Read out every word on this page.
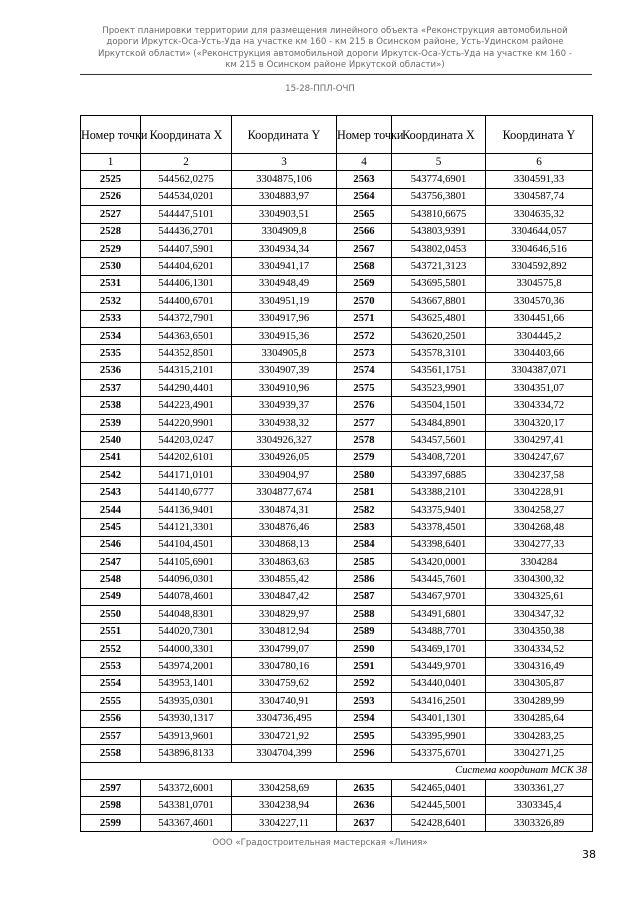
Проект планировки территории для размещения линейного объекта «Реконструкция автомобильной
дороги Иркутск-Оса-Усть-Уда на участке км 160 - км 215 в Осинском районе, Усть-Удинском районе
Иркутской области» («Реконструкция автомобильной дороги Иркутск-Оса-Усть-Уда на участке км 160 -
км 215 в Осинском районе Иркутской области»)
15-28-ППЛ-ОЧП
Номер точки	Координата X	Координата Y	Номер точки	Координата X	Координата Y
1	2	3	4	5	6
2525	544562,0275	3304875,106	2563	543774,6901	3304591,33
2526	544534,0201	3304883,97	2564	543756,3801	3304587,74
2527	544447,5101	3304903,51	2565	543810,6675	3304635,32
2528	544436,2701	3304909,8	2566	543803,9391	3304644,057
2529	544407,5901	3304934,34	2567	543802,0453	3304646,516
2530	544404,6201	3304941,17	2568	543721,3123	3304592,892
2531	544406,1301	3304948,49	2569	543695,5801	3304575,8
2532	544400,6701	3304951,19	2570	543667,8801	3304570,36
2533	544372,7901	3304917,96	2571	543625,4801	3304451,66
2534	544363,6501	3304915,36	2572	543620,2501	3304445,2
2535	544352,8501	3304905,8	2573	543578,3101	3304403,66
2536	544315,2101	3304907,39	2574	543561,1751	3304387,071
2537	544290,4401	3304910,96	2575	543523,9901	3304351,07
2538	544223,4901	3304939,37	2576	543504,1501	3304334,72
2539	544220,9901	3304938,32	2577	543484,8901	3304320,17
2540	544203,0247	3304926,327	2578	543457,5601	3304297,41
2541	544202,6101	3304926,05	2579	543408,7201	3304247,67
2542	544171,0101	3304904,97	2580	543397,6885	3304237,58
2543	544140,6777	3304877,674	2581	543388,2101	3304228,91
2544	544136,9401	3304874,31	2582	543375,9401	3304258,27
2545	544121,3301	3304876,46	2583	543378,4501	3304268,48
2546	544104,4501	3304868,13	2584	543398,6401	3304277,33
2547	544105,6901	3304863,63	2585	543420,0001	3304284
2548	544096,0301	3304855,42	2586	543445,7601	3304300,32
2549	544078,4601	3304847,42	2587	543467,9701	3304325,61
2550	544048,8301	3304829,97	2588	543491,6801	3304347,32
2551	544020,7301	3304812,94	2589	543488,7701	3304350,38
2552	544000,3301	3304799,07	2590	543469,1701	3304334,52
2553	543974,2001	3304780,16	2591	543449,9701	3304316,49
2554	543953,1401	3304759,62	2592	543440,0401	3304305,87
2555	543935,0301	3304740,91	2593	543416,2501	3304289,99
2556	543930,1317	3304736,495	2594	543401,1301	3304285,64
2557	543913,9601	3304721,92	2595	543395,9901	3304283,25
2558	543896,8133	3304704,399	2596	543375,6701	3304271,25
Система координат МСК 38					
2597	543372,6001	3304258,69	2635	542465,0401	3303361,27
2598	543381,0701	3304238,94	2636	542445,5001	3303345,4
2599	543367,4601	3304227,11	2637	542428,6401	3303326,89
ООО «Градостроительная мастерская «Линия»
38
